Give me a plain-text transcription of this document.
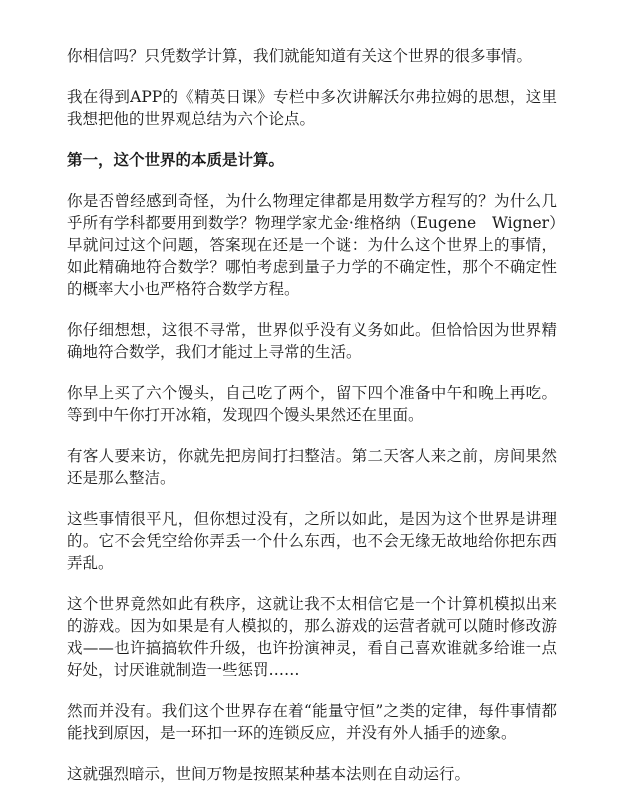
你相信吗？只凭数学计算，我们就能知道有关这个世界的很多事情。

我在得到APP的《精英日课》专栏中多次讲解沃尔弗拉姆的思想，这里我想把他的世界观总结为六个论点。

第一，这个世界的本质是计算。

你是否曾经感到奇怪，为什么物理定律都是用数学方程写的？为什么几乎所有学科都要用到数学？物理学家尤金·维格纳（Eugene　Wigner）早就问过这个问题，答案现在还是一个谜：为什么这个世界上的事情，如此精确地符合数学？哪怕考虑到量子力学的不确定性，那个不确定性的概率大小也严格符合数学方程。

你仔细想想，这很不寻常，世界似乎没有义务如此。但恰恰因为世界精确地符合数学，我们才能过上寻常的生活。

你早上买了六个馒头，自己吃了两个，留下四个准备中午和晚上再吃。等到中午你打开冰箱，发现四个馒头果然还在里面。

有客人要来访，你就先把房间打扫整洁。第二天客人来之前，房间果然还是那么整洁。

这些事情很平凡，但你想过没有，之所以如此，是因为这个世界是讲理的。它不会凭空给你弄丢一个什么东西，也不会无缘无故地给你把东西弄乱。

这个世界竟然如此有秩序，这就让我不太相信它是一个计算机模拟出来的游戏。因为如果是有人模拟的，那么游戏的运营者就可以随时修改游戏——也许搞搞软件升级，也许扮演神灵，看自己喜欢谁就多给谁一点好处，讨厌谁就制造一些惩罚……

然而并没有。我们这个世界存在着“能量守恒”之类的定律，每件事情都能找到原因，是一环扣一环的连锁反应，并没有外人插手的迹象。

这就强烈暗示，世间万物是按照某种基本法则在自动运行。
